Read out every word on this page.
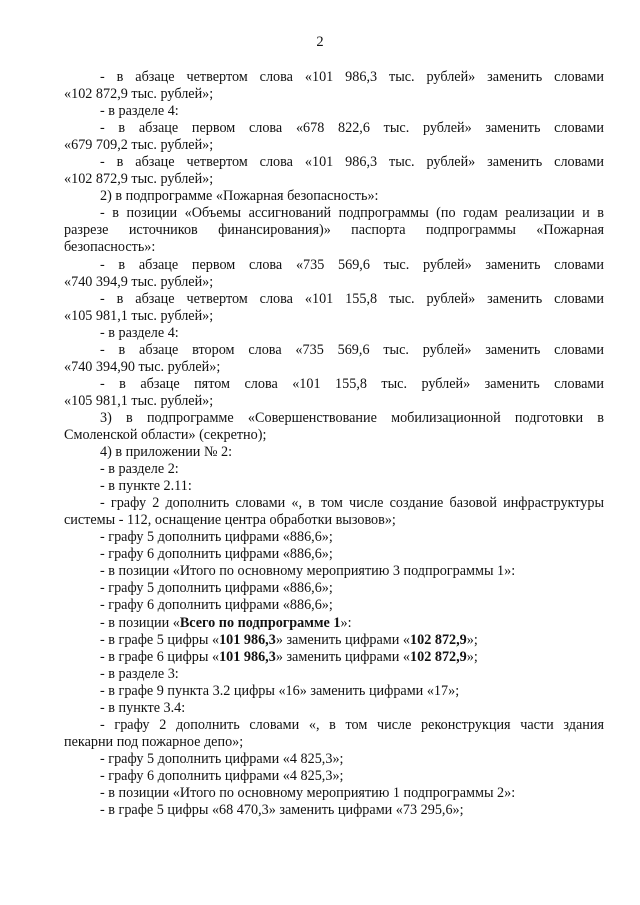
2
- в абзаце четвертом слова «101 986,3 тыс. рублей» заменить словами
«102 872,9 тыс. рублей»;
- в разделе 4:
- в абзаце первом слова «678 822,6 тыс. рублей» заменить словами
«679 709,2 тыс. рублей»;
- в абзаце четвертом слова «101 986,3 тыс. рублей» заменить словами
«102 872,9 тыс. рублей»;
2) в подпрограмме «Пожарная безопасность»:
- в позиции «Объемы ассигнований подпрограммы (по годам реализации и в
разрезе источников финансирования)» паспорта подпрограммы «Пожарная
безопасность»:
- в абзаце первом слова «735 569,6 тыс. рублей» заменить словами
«740 394,9 тыс. рублей»;
- в абзаце четвертом слова «101 155,8 тыс. рублей» заменить словами
«105 981,1 тыс. рублей»;
- в разделе 4:
- в абзаце втором слова «735 569,6 тыс. рублей» заменить словами
«740 394,90 тыс. рублей»;
- в абзаце пятом слова «101 155,8 тыс. рублей» заменить словами
«105 981,1 тыс. рублей»;
3) в подпрограмме «Совершенствование мобилизационной подготовки в
Смоленской области» (секретно);
4) в приложении № 2:
- в разделе 2:
- в пункте 2.11:
- графу 2 дополнить словами «, в том числе создание базовой инфраструктуры
системы - 112, оснащение центра обработки вызовов»;
- графу 5 дополнить цифрами «886,6»;
- графу 6 дополнить цифрами «886,6»;
- в позиции «Итого по основному мероприятию 3 подпрограммы 1»:
- графу 5 дополнить цифрами «886,6»;
- графу 6 дополнить цифрами «886,6»;
- в позиции «Всего по подпрограмме 1»:
- в графе 5 цифры «101 986,3» заменить цифрами «102 872,9»;
- в графе 6 цифры «101 986,3» заменить цифрами «102 872,9»;
- в разделе 3:
- в графе 9 пункта 3.2 цифры «16» заменить цифрами «17»;
- в пункте 3.4:
- графу 2 дополнить словами «, в том числе реконструкция части здания
пекарни под пожарное депо»;
- графу 5 дополнить цифрами «4 825,3»;
- графу 6 дополнить цифрами «4 825,3»;
- в позиции «Итого по основному мероприятию 1 подпрограммы 2»:
- в графе 5 цифры «68 470,3» заменить цифрами «73 295,6»;
